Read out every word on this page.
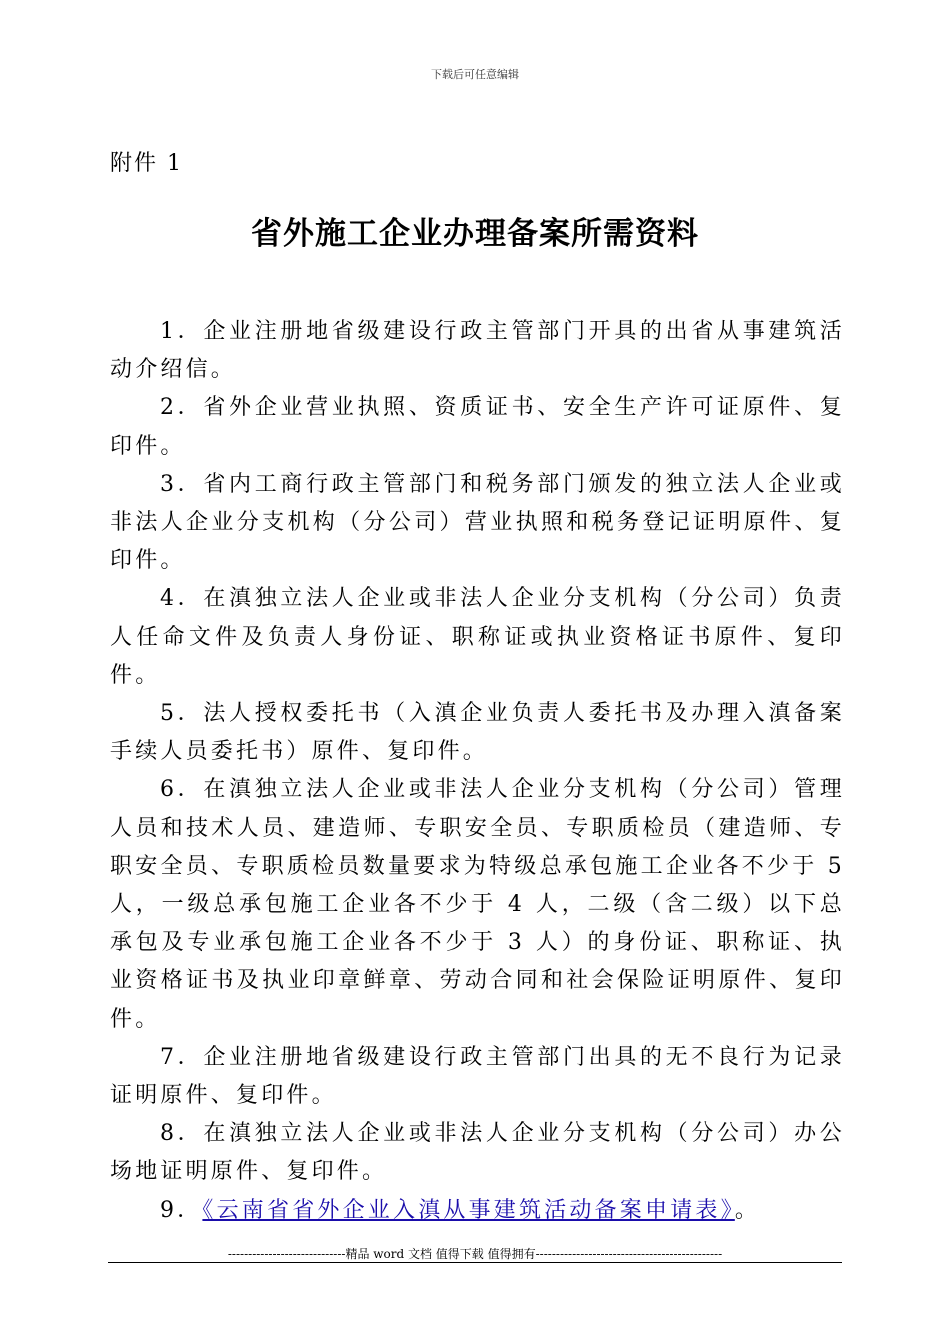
下载后可任意编辑
附件 1
省外施工企业办理备案所需资料

1．企业注册地省级建设行政主管部门开具的出省从事建筑活动介绍信。

2．省外企业营业执照、资质证书、安全生产许可证原件、复印件。

3．省内工商行政主管部门和税务部门颁发的独立法人企业或非法人企业分支机构（分公司）营业执照和税务登记证明原件、复印件。

4．在滇独立法人企业或非法人企业分支机构（分公司）负责人任命文件及负责人身份证、职称证或执业资格证书原件、复印件。

5．法人授权委托书（入滇企业负责人委托书及办理入滇备案手续人员委托书）原件、复印件。

6．在滇独立法人企业或非法人企业分支机构（分公司）管理人员和技术人员、建造师、专职安全员、专职质检员（建造师、专职安全员、专职质检员数量要求为特级总承包施工企业各不少于 5 人，一级总承包施工企业各不少于 4 人，二级（含二级）以下总承包及专业承包施工企业各不少于 3 人）的身份证、职称证、执业资格证书及执业印章鲜章、劳动合同和社会保险证明原件、复印件。

7．企业注册地省级建设行政主管部门出具的无不良行为记录证明原件、复印件。

8．在滇独立法人企业或非法人企业分支机构（分公司）办公场地证明原件、复印件。

9．《云南省省外企业入滇从事建筑活动备案申请表》。

-----------------------------精品 word 文档 值得下载 值得拥有----------------------------------------------
